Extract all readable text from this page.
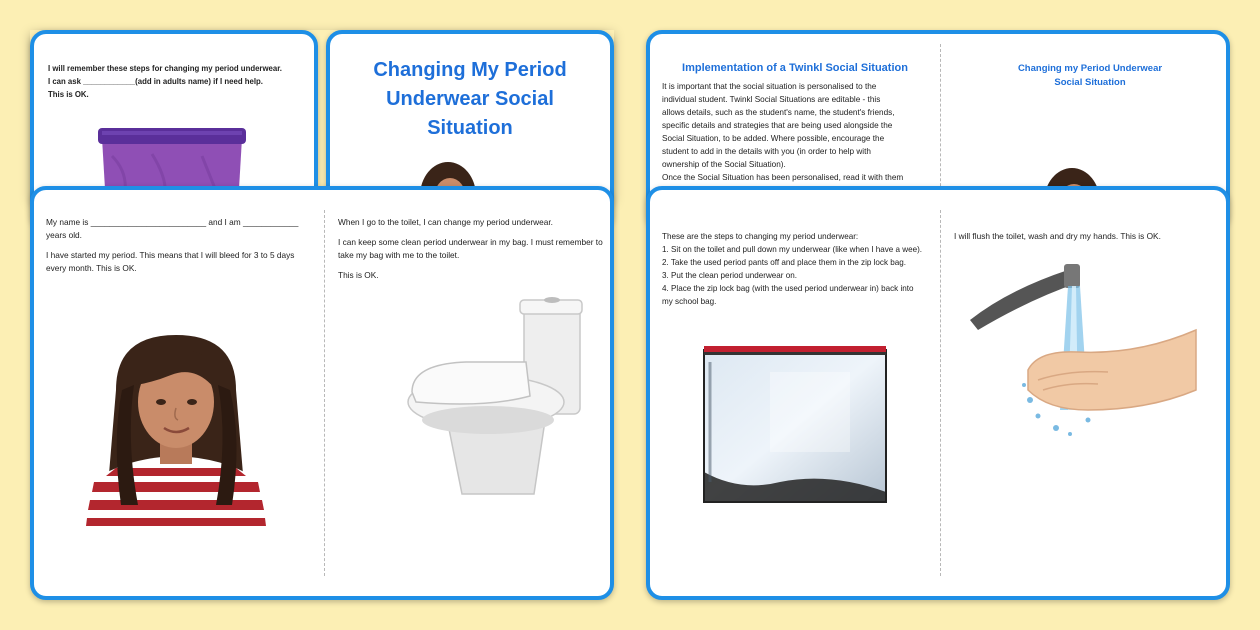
I will remember these steps for changing my period underwear.
I can ask ____________(add in adults name) if I need help.
This is OK.
Changing My Period
Underwear Social
Situation
Implementation of a Twinkl Social Situation
It is important that the social situation is personalised to the
individual student. Twinkl Social Situations are editable - this
allows details, such as the student's name, the student's friends,
specific details and strategies that are being used alongside the
Social Situation, to be added. Where possible, encourage the
student to add in the details with you (in order to help with
ownership of the Social Situation).
Once the Social Situation has been personalised, read it with them
Changing my Period Underwear
Social Situation

My name is _________________________ and I am ____________ years old.

I have started my period. This means that I will bleed for 3 to 5 days
every month. This is OK.

When I go to the toilet, I can change my period underwear.

I can keep some clean period underwear in my bag. I must remember to
take my bag with me to the toilet.

This is OK.

These are the steps to changing my period underwear:
1. Sit on the toilet and pull down my underwear (like when I have a wee).
2. Take the used period pants off and place them in the zip lock bag.
3. Put the clean period underwear on.
4. Place the zip lock bag (with the used period underwear in) back into
my school bag.
I will flush the toilet, wash and dry my hands. This is OK.
